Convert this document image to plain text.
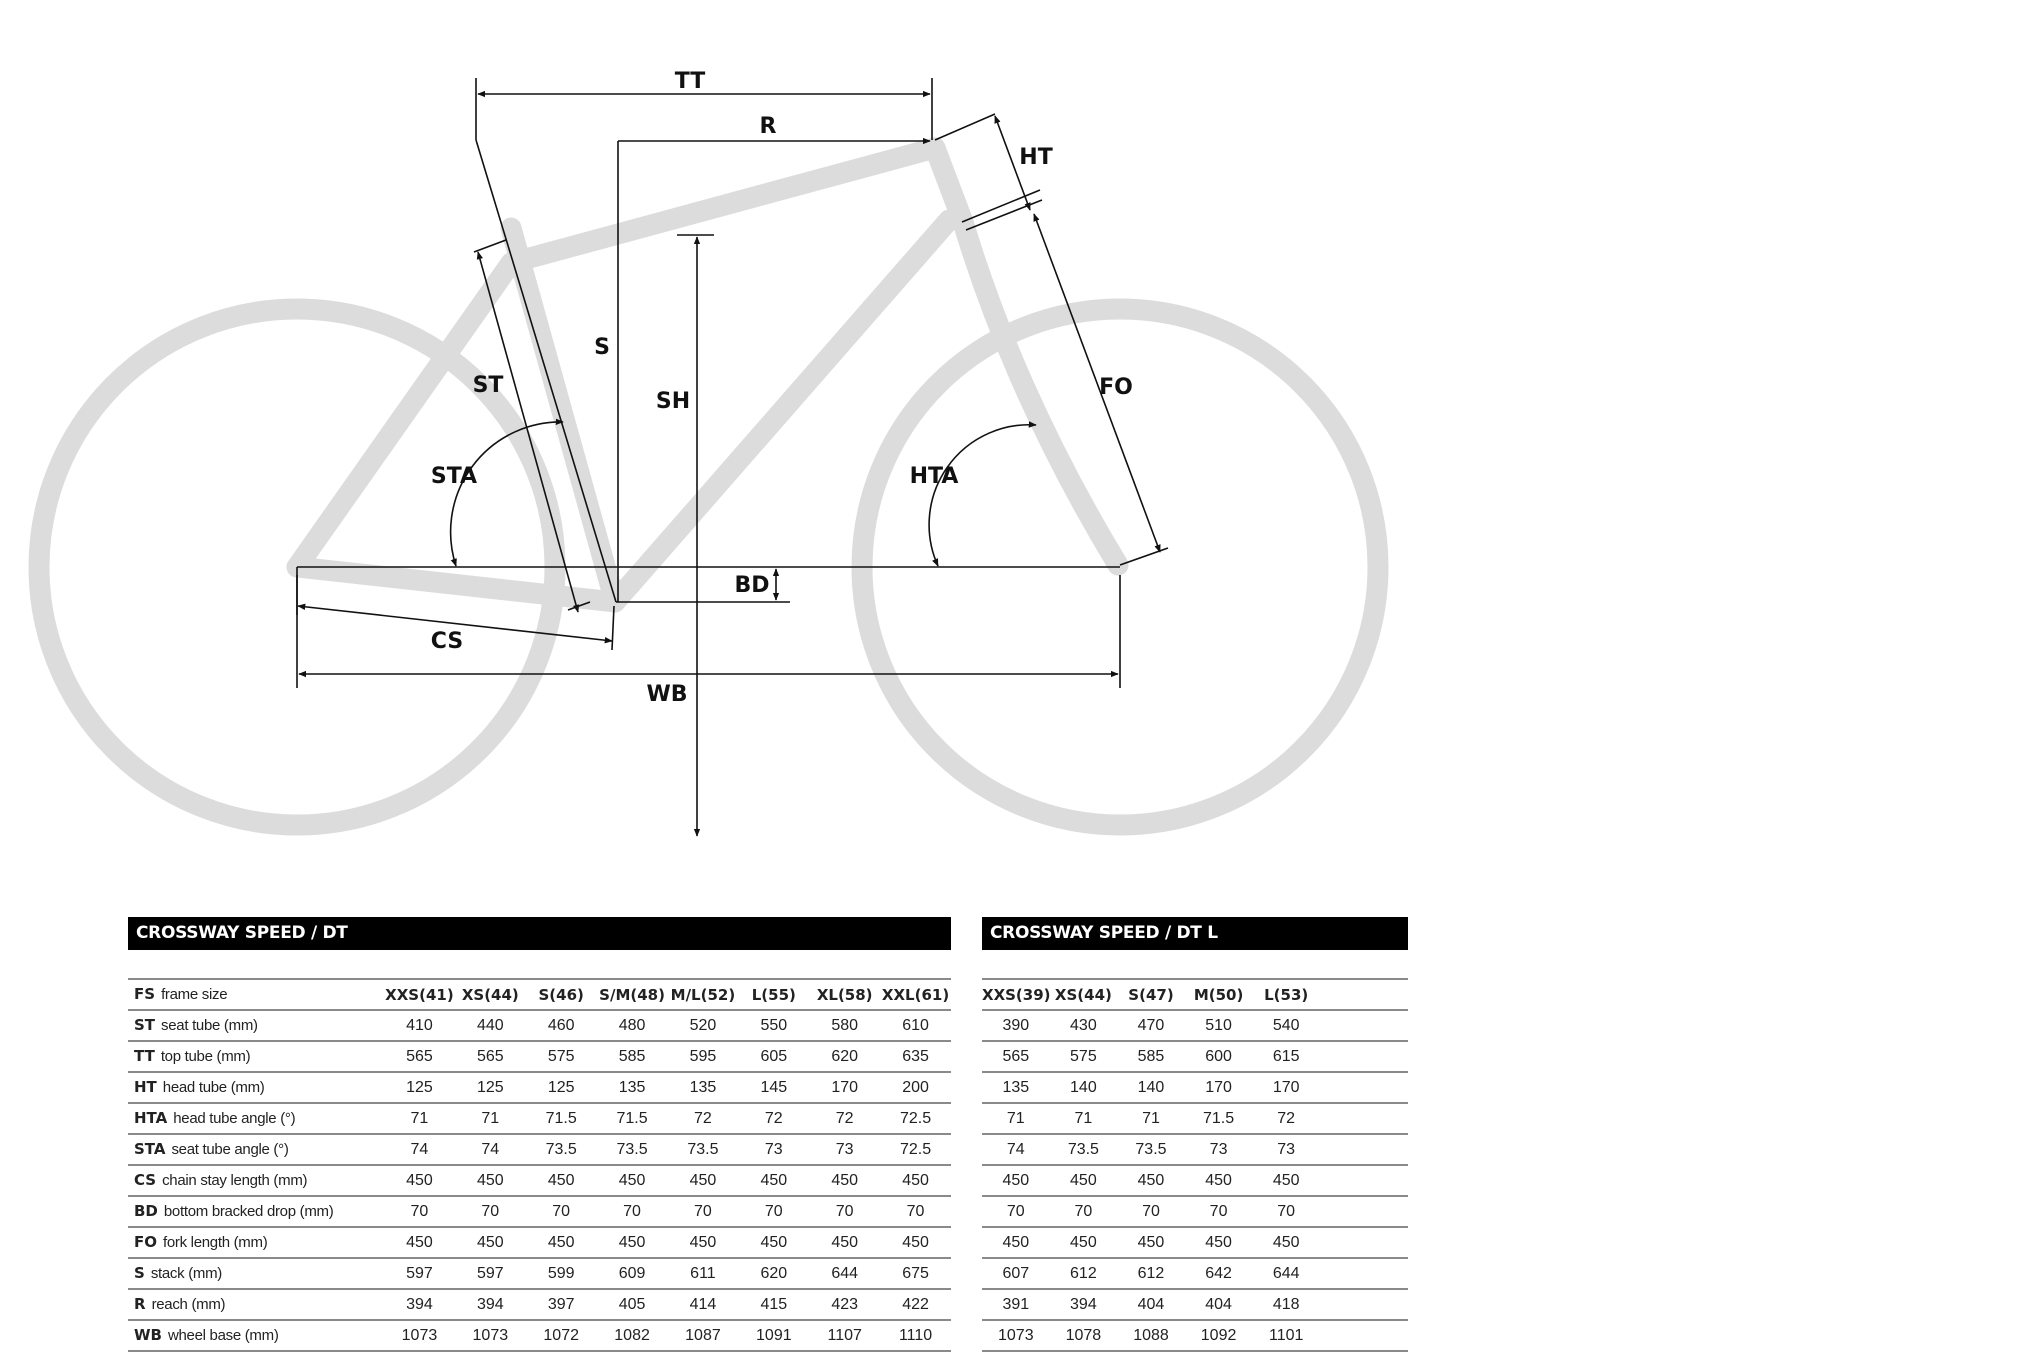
TT
R
HT
S
SH
ST
STA	HTA
FO
BD
CS
WB
CROSSWAY SPEED / DT
FS frame size	XXS(41)	XS(44)	S(46)	S/M(48)	M/L(52)	L(55)	XL(58)	XXL(61)
ST seat tube (mm)	410	440	460	480	520	550	580	610
TT top tube (mm)	565	565	575	585	595	605	620	635
HT head tube (mm)	125	125	125	135	135	145	170	200
HTA head tube angle (°)	71	71	71.5	71.5	72	72	72	72.5
STA seat tube angle (°)	74	74	73.5	73.5	73.5	73	73	72.5
CS chain stay length (mm)	450	450	450	450	450	450	450	450
BD bottom bracked drop (mm)	70	70	70	70	70	70	70	70
FO fork length (mm)	450	450	450	450	450	450	450	450
S stack (mm)	597	597	599	609	611	620	644	675
R reach (mm)	394	394	397	405	414	415	423	422
WB wheel base (mm)	1073	1073	1072	1082	1087	1091	1107	1110
CROSSWAY SPEED / DT L
XXS(39)	XS(44)	S(47)	M(50)	L(53)	
390	430	470	510	540	
565	575	585	600	615	
135	140	140	170	170	
71	71	71	71.5	72	
74	73.5	73.5	73	73	
450	450	450	450	450	
70	70	70	70	70	
450	450	450	450	450	
607	612	612	642	644	
391	394	404	404	418	
1073	1078	1088	1092	1101	
